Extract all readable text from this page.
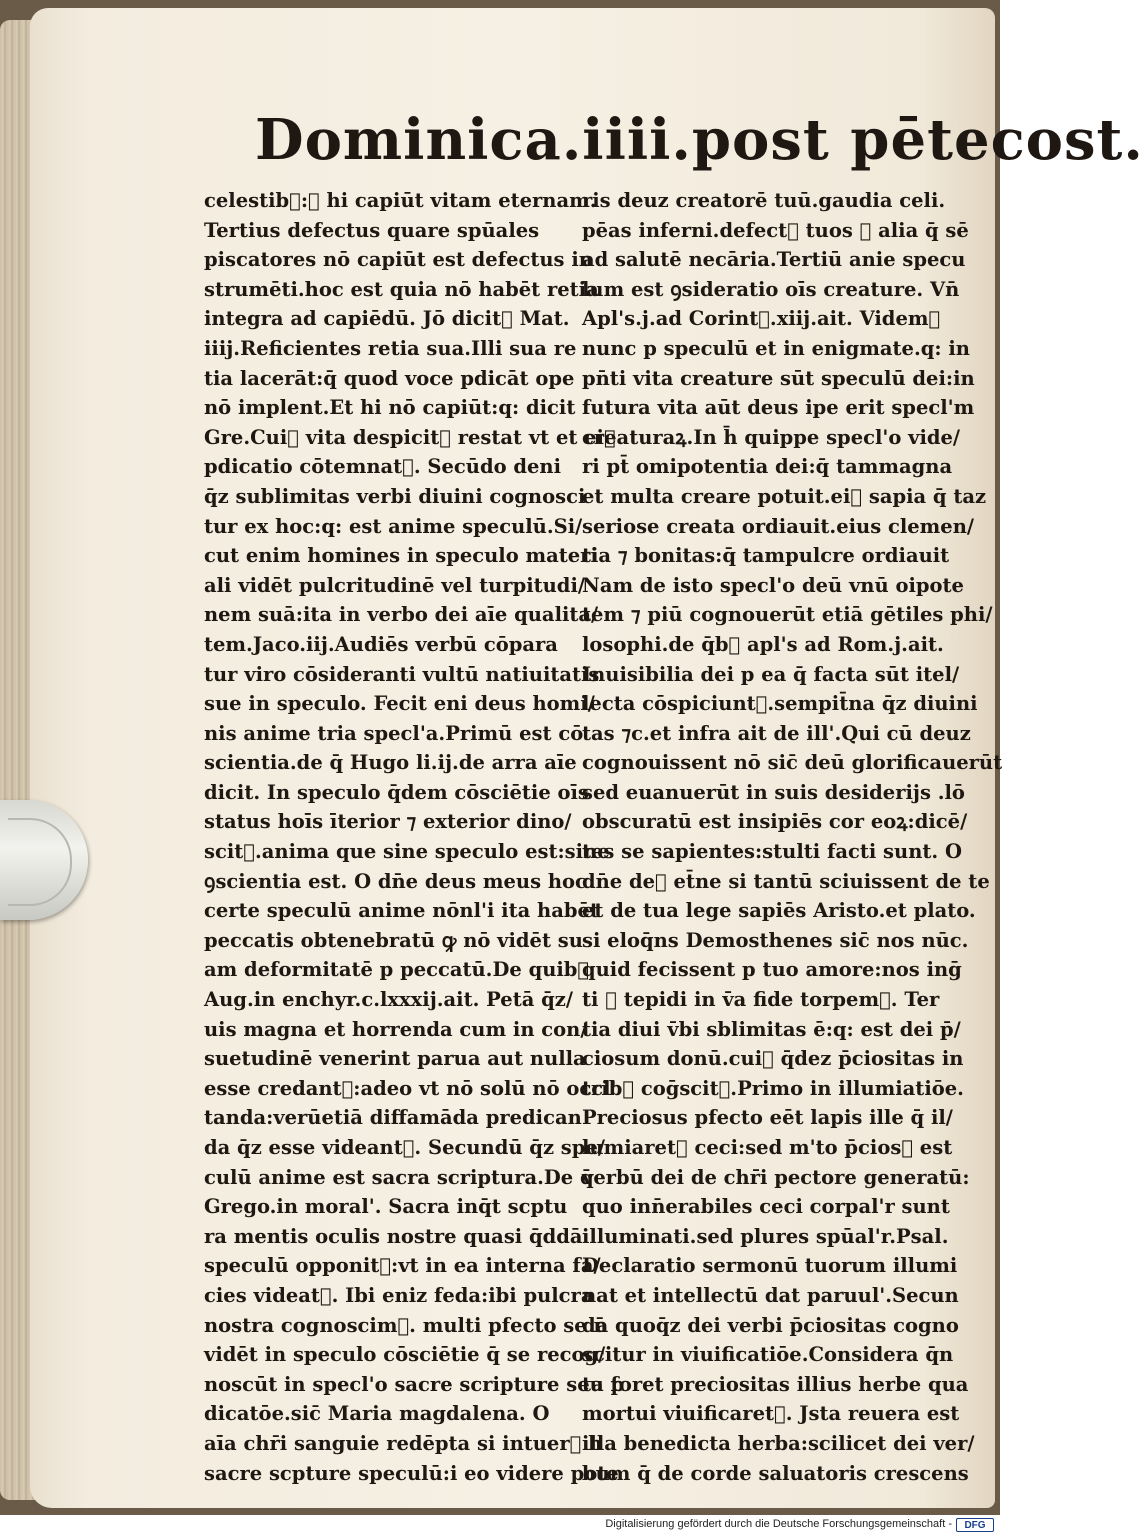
Dominica.iiii.post pētecost.
celestib᷒:⁊ hi capiūt vitam eternam.
Tertius defectus quare spūales
piscatores nō capiūt est defectus in
strumēti.hoc est quia nō habēt retia
integra ad capiēdū. Jō dicit᷑ Mat.
iiij.Reficientes retia sua.Illi sua re
tia lacerāt:q̄ quod voce pdicāt ope
nō implent.Et hi nō capiūt:q: dicit
Gre.Cui᷒ vita despicit᷑ restat vt et ei᷒
pdicatio cōtemnat᷑. Secūdo deni
q̄z sublimitas verbi diuini cognosci
tur ex hoc:q: est anime speculū.Si/
cut enim homines in speculo materi
ali vidēt pulcritudinē vel turpitudi/
nem suā:ita in verbo dei aīe qualita/
tem.Jaco.iij.Audiēs verbū cōpara
tur viro cōsideranti vultū natiuitatis
sue in speculo. Fecit eni deus homi/
nis anime tria specl'a.Primū est cō
scientia.de q̄ Hugo li.ij.de arra aīe
dicit. In speculo q̄dem cōsciētie oīs
status hoīs īterior ⁊ exterior dino/
scit᷑.anima que sine speculo est:sine
ꝯscientia est. O dn̄e deus meus hoc
certe speculū anime nōnl'i ita habēt
peccatis obtenebratū ꝙ nō vidēt su
am deformitatē p peccatū.De quib᷒
Aug.in enchyr.c.lxxxij.ait. Petā q̄z/
uis magna et horrenda cum in con/
suetudinē venerint parua aut nulla
esse credant᷑:adeo vt nō solū nō occl'
tanda:verūetiā diffamāda predican
da q̄z esse videant᷑. Secundū q̄z spe/
culū anime est sacra scriptura.De q̄
Grego.in moral'. Sacra inq̄t scptu
ra mentis oculis nostre quasi q̄ddā
speculū opponit᷑:vt in ea interna fa/
cies videat᷑. Ibi eniz feda:ibi pulcra
nostra cognoscim᷒. multi pfecto se n̄
vidēt in speculo cōsciētie q̄ se recog/
noscūt in specl'o sacre scripture seu p
dicatōe.sic̄ Maria magdalena. O
aīa chr̄i sanguie redēpta si intuer᷑ h
sacre scpture speculū:i eo videre pote
ris deuz creatorē tuū.gaudia celi.
pēas inferni.defect᷒ tuos ⁊ alia q̄ sē
ad salutē necāria.Tertiū anie specu
lum est ꝯsideratio oīs creature. Vn̄
Apl's.j.ad Corint᷑.xiij.ait. Videm᷒
nunc p speculū et in enigmate.q: in
pn̄ti vita creature sūt speculū dei:in
futura vita aūt deus ipe erit specl'm
creaturaꝝ.In h̄ quippe specl'o vide/
ri pt̄ omipotentia dei:q̄ tammagna
et multa creare potuit.ei᷒ sapia q̄ taz
seriose creata ordiauit.eius clemen/
tia ⁊ bonitas:q̄ tampulcre ordiauit
Nam de isto specl'o deū vnū oipote
tem ⁊ piū cognouerūt etiā gētiles phi/
losophi.de q̄b᷒ apl's ad Rom.j.ait.
Inuisibilia dei p ea q̄ facta sūt itel/
lecta cōspiciunt᷑.sempit̄na q̄z diuini
tas ⁊c.et infra ait de ill'.Qui cū deuz
cognouissent nō sic̄ deū glorificauerūt
sed euanuerūt in suis desiderijs .lō
obscuratū est insipiēs cor eoꝝ:dicē/
tes se sapientes:stulti facti sunt. O
dn̄e de᷒ et̄ne si tantū sciuissent de te
et de tua lege sapiēs Aristo.et plato.
si eloq̄ns Demosthenes sic̄ nos nūc.
quid fecissent p tuo amore:nos inḡ
ti ⁊ tepidi in v̄a fide torpem᷒. Ter
tia diui v̄bi sblimitas ē:q: est dei p̄/
ciosum donū.cui᷒ q̄dez p̄ciositas in
trib᷒ coḡscit᷑.Primo in illumiatiōe.
Preciosus pfecto eēt lapis ille q̄ il/
lumiaret᷑ ceci:sed m'to p̄cios᷒ est
verbū dei de chr̄i pectore generatū:
quo inn̄erabiles ceci corpal'r sunt
illuminati.sed plures spūal'r.Psal.
Declaratio sermonū tuorum illumi
nat et intellectū dat paruul'.Secun
da quoq̄z dei verbi p̄ciositas cogno
scitur in viuificatiōe.Considera q̄n
ta foret preciositas illius herbe qua
mortui viuificaret᷑. Jsta reuera est
illa benedicta herba:scilicet dei ver/
bum q̄ de corde saluatoris crescens
Digitalisierung gefördert durch die Deutsche Forschungsgemeinschaft -	DFG
